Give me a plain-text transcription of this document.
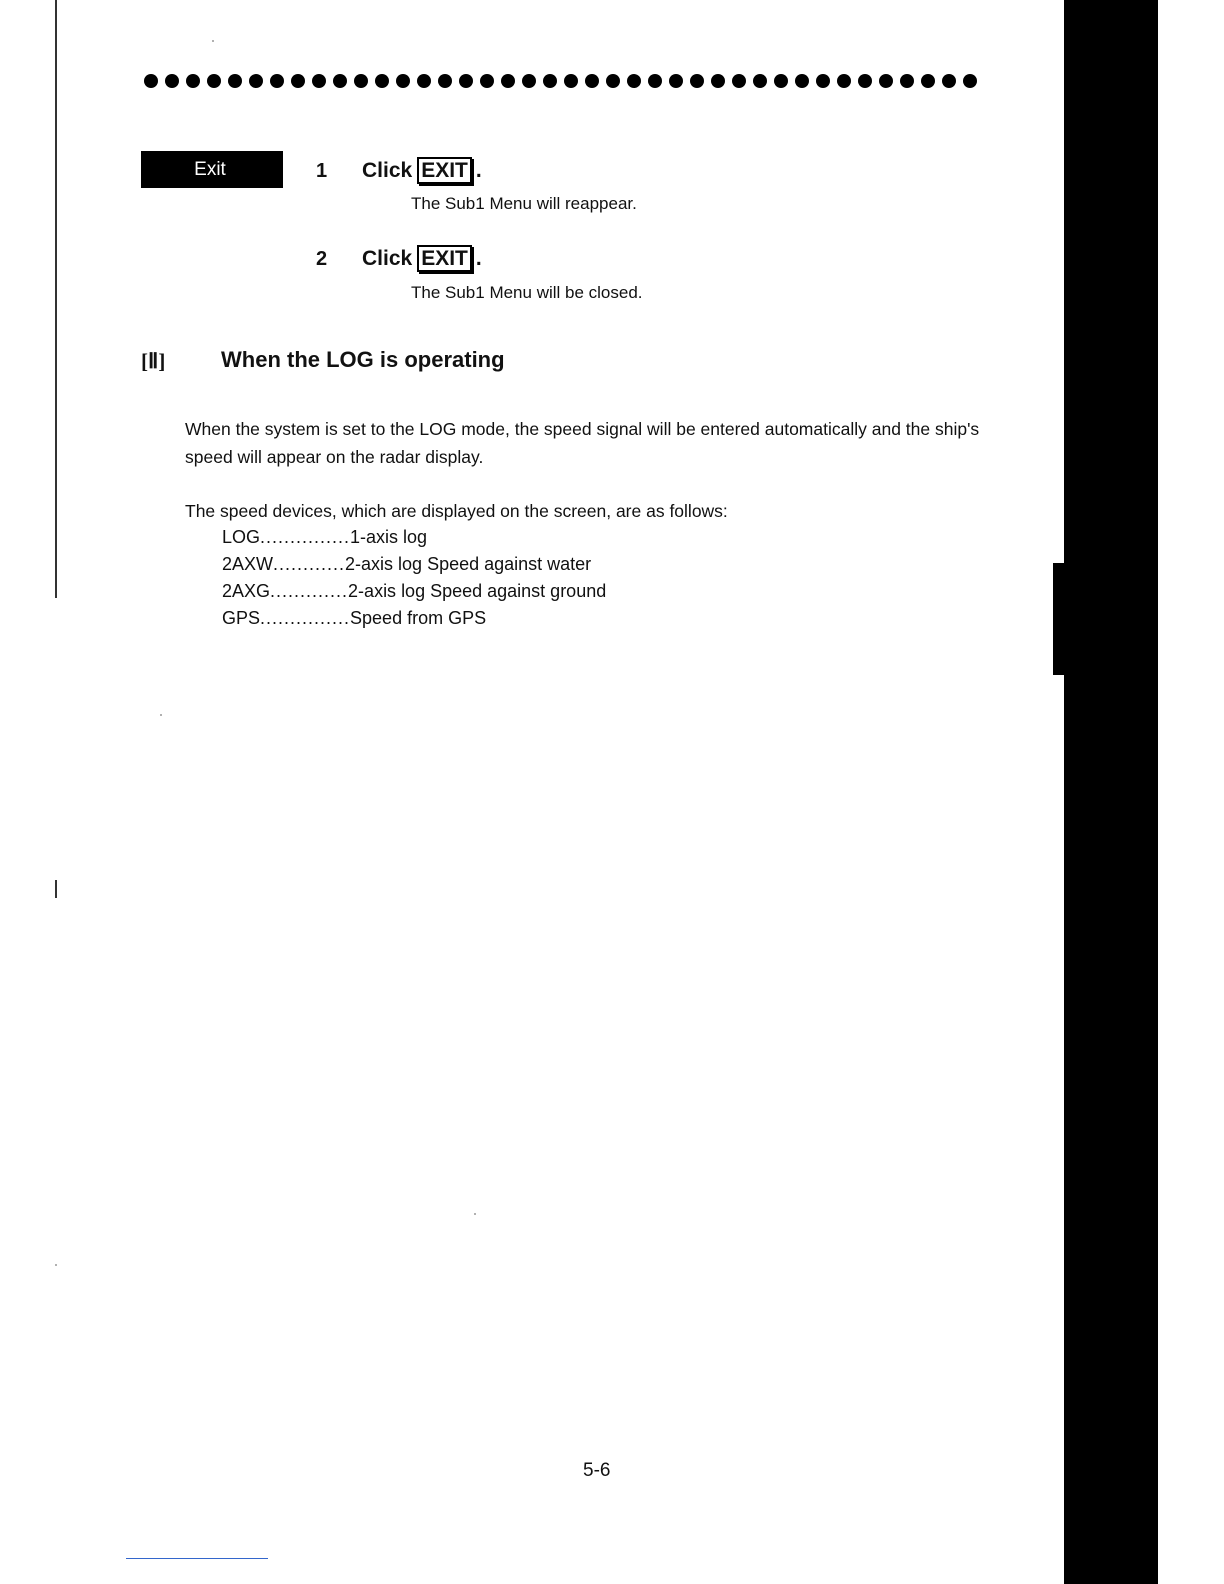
Exit	1 Click EXIT .
The Sub1 Menu will reappear.
2 Click EXIT .
The Sub1 Menu will be closed.
[Ⅱ]	When the LOG is operating
When the system is set to the LOG mode, the speed signal will be entered automatically and the ship's
speed will appear on the radar display.
The speed devices, which are displayed on the screen, are as follows:
LOG ............... 1-axis log
2AXW ............ 2-axis log Speed against water
2AXG ............. 2-axis log Speed against ground
GPS ............... Speed from GPS
5-6
